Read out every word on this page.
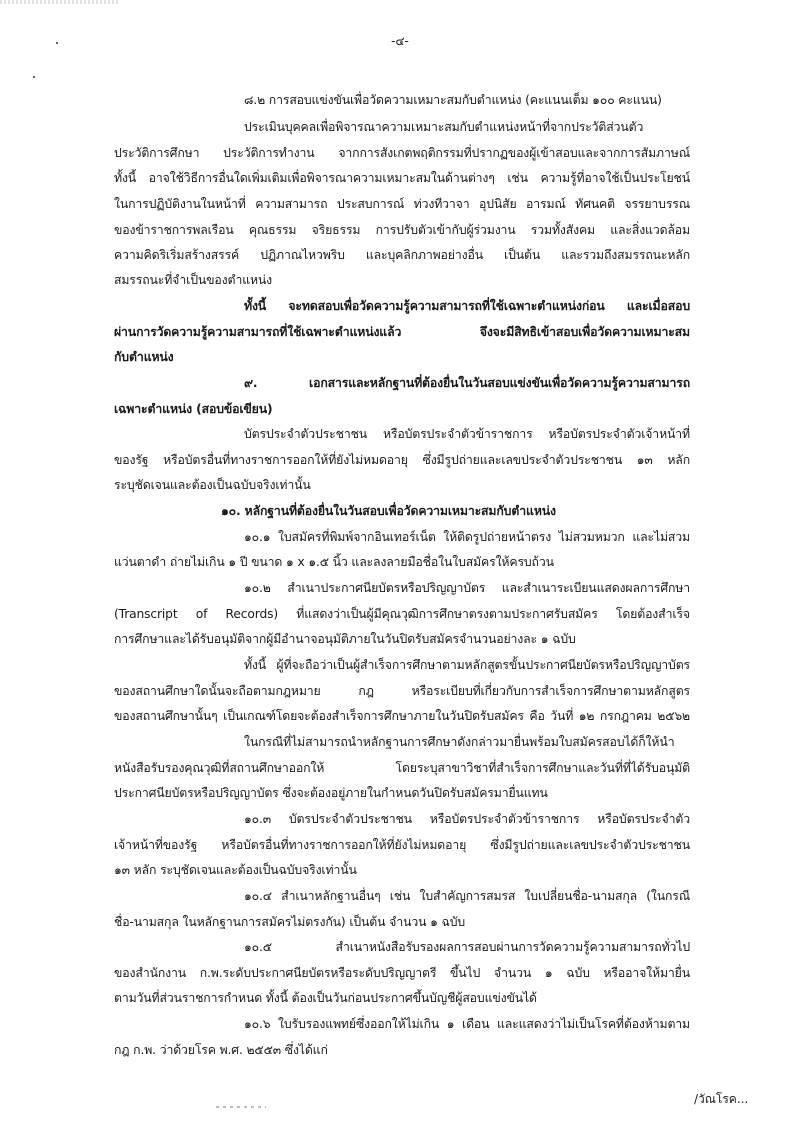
-๔-
๘.๒ การสอบแข่งขันเพื่อวัดความเหมาะสมกับตำแหน่ง (คะแนนเต็ม ๑๐๐ คะแนน)
ประเมินบุคคลเพื่อพิจารณาความเหมาะสมกับตำแหน่งหน้าที่จากประวัติส่วนตัว
ประวัติการศึกษา ประวัติการทำงาน จากการสังเกตพฤติกรรมที่ปรากฏของผู้เข้าสอบและจากการสัมภาษณ์
ทั้งนี้ อาจใช้วิธีการอื่นใดเพิ่มเติมเพื่อพิจารณาความเหมาะสมในด้านต่างๆ เช่น ความรู้ที่อาจใช้เป็นประโยชน์
ในการปฏิบัติงานในหน้าที่ ความสามารถ ประสบการณ์ ท่วงทีวาจา อุปนิสัย อารมณ์ ทัศนคติ จรรยาบรรณ
ของข้าราชการพลเรือน คุณธรรม จริยธรรม การปรับตัวเข้ากับผู้ร่วมงาน รวมทั้งสังคม และสิ่งแวดล้อม
ความคิดริเริ่มสร้างสรรค์ ปฏิภาณไหวพริบ และบุคลิกภาพอย่างอื่น เป็นต้น และรวมถึงสมรรถนะหลัก
สมรรถนะที่จำเป็นของตำแหน่ง
ทั้งนี้ จะทดสอบเพื่อวัดความรู้ความสามารถที่ใช้เฉพาะตำแหน่งก่อน และเมื่อสอบ
ผ่านการวัดความรู้ความสามารถที่ใช้เฉพาะตำแหน่งแล้ว จึงจะมีสิทธิเข้าสอบเพื่อวัดความเหมาะสม
กับตำแหน่ง
๙. เอกสารและหลักฐานที่ต้องยื่นในวันสอบแข่งขันเพื่อวัดความรู้ความสามารถ
เฉพาะตำแหน่ง (สอบข้อเขียน)
บัตรประจำตัวประชาชน หรือบัตรประจำตัวข้าราชการ หรือบัตรประจำตัวเจ้าหน้าที่
ของรัฐ หรือบัตรอื่นที่ทางราชการออกให้ที่ยังไม่หมดอายุ ซึ่งมีรูปถ่ายและเลขประจำตัวประชาชน ๑๓ หลัก
ระบุชัดเจนและต้องเป็นฉบับจริงเท่านั้น
๑๐. หลักฐานที่ต้องยื่นในวันสอบเพื่อวัดความเหมาะสมกับตำแหน่ง
๑๐.๑ ใบสมัครที่พิมพ์จากอินเทอร์เน็ต ให้ติดรูปถ่ายหน้าตรง ไม่สวมหมวก และไม่สวม
แว่นตาดำ ถ่ายไม่เกิน ๑ ปี ขนาด ๑ x ๑.๕ นิ้ว และลงลายมือชื่อในใบสมัครให้ครบถ้วน
๑๐.๒ สำเนาประกาศนียบัตรหรือปริญญาบัตร และสำเนาระเบียนแสดงผลการศึกษา
(Transcript of Records) ที่แสดงว่าเป็นผู้มีคุณวุฒิการศึกษาตรงตามประกาศรับสมัคร โดยต้องสำเร็จ
การศึกษาและได้รับอนุมัติจากผู้มีอำนาจอนุมัติภายในวันปิดรับสมัครจำนวนอย่างละ ๑ ฉบับ
ทั้งนี้ ผู้ที่จะถือว่าเป็นผู้สำเร็จการศึกษาตามหลักสูตรขั้นประกาศนียบัตรหรือปริญญาบัตร
ของสถานศึกษาใดนั้นจะถือตามกฎหมาย กฎ หรือระเบียบที่เกี่ยวกับการสำเร็จการศึกษาตามหลักสูตร
ของสถานศึกษานั้นๆ เป็นเกณฑ์โดยจะต้องสำเร็จการศึกษาภายในวันปิดรับสมัคร คือ วันที่ ๑๒ กรกฎาคม ๒๕๖๒
ในกรณีที่ไม่สามารถนำหลักฐานการศึกษาดังกล่าวมายื่นพร้อมใบสมัครสอบได้ก็ให้นำ
หนังสือรับรองคุณวุฒิที่สถานศึกษาออกให้ โดยระบุสาขาวิชาที่สำเร็จการศึกษาและวันที่ที่ได้รับอนุมัติ
ประกาศนียบัตรหรือปริญญาบัตร ซึ่งจะต้องอยู่ภายในกำหนดวันปิดรับสมัครมายื่นแทน
๑๐.๓ บัตรประจำตัวประชาชน หรือบัตรประจำตัวข้าราชการ หรือบัตรประจำตัว
เจ้าหน้าที่ของรัฐ หรือบัตรอื่นที่ทางราชการออกให้ที่ยังไม่หมดอายุ ซึ่งมีรูปถ่ายและเลขประจำตัวประชาชน
๑๓ หลัก ระบุชัดเจนและต้องเป็นฉบับจริงเท่านั้น
๑๐.๔ สำเนาหลักฐานอื่นๆ เช่น ใบสำคัญการสมรส ใบเปลี่ยนชื่อ-นามสกุล (ในกรณี
ชื่อ-นามสกุล ในหลักฐานการสมัครไม่ตรงกัน) เป็นต้น จำนวน ๑ ฉบับ
๑๐.๕ สำเนาหนังสือรับรองผลการสอบผ่านการวัดความรู้ความสามารถทั่วไป
ของสำนักงาน ก.พ.ระดับประกาศนียบัตรหรือระดับปริญญาตรี ขึ้นไป จำนวน ๑ ฉบับ หรืออาจให้มายื่น
ตามวันที่ส่วนราชการกำหนด ทั้งนี้ ต้องเป็นวันก่อนประกาศขึ้นบัญชีผู้สอบแข่งขันได้
๑๐.๖ ใบรับรองแพทย์ซึ่งออกให้ไม่เกิน ๑ เดือน และแสดงว่าไม่เป็นโรคที่ต้องห้ามตาม
กฎ ก.พ. ว่าด้วยโรค พ.ศ. ๒๕๕๓ ซึ่งได้แก่
/วัณโรค...
